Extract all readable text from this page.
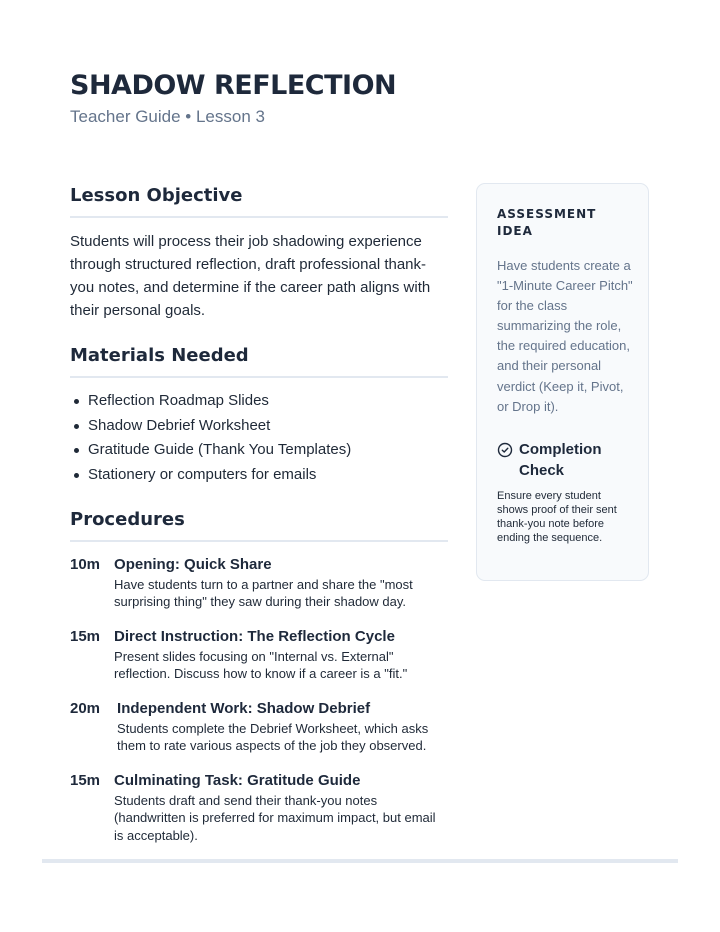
SHADOW REFLECTION
Teacher Guide • Lesson 3
Lesson Objective

Students will process their job shadowing experience through structured reflection, draft professional thank-you notes, and determine if the career path aligns with their personal goals.

Materials Needed
Reflection Roadmap Slides
Shadow Debrief Worksheet
Gratitude Guide (Thank You Templates)
Stationery or computers for emails
Procedures
10m Opening: Quick Share
Have students turn to a partner and share the "most surprising thing" they saw during their shadow day.
15m Direct Instruction: The Reflection Cycle
Present slides focusing on "Internal vs. External" reflection. Discuss how to know if a career is a "fit."
20m	Independent Work: Shadow Debrief
Students complete the Debrief Worksheet, which asks them to rate various aspects of the job they observed.
15m Culminating Task: Gratitude Guide
Students draft and send their thank-you notes (handwritten is preferred for maximum impact, but email is acceptable).
ASSESSMENT IDEA

Have students create a "1-Minute Career Pitch" for the class summarizing the role, the required education, and their personal verdict (Keep it, Pivot, or Drop it).

Completion Check

Ensure every student shows proof of their sent thank-you note before ending the sequence.
